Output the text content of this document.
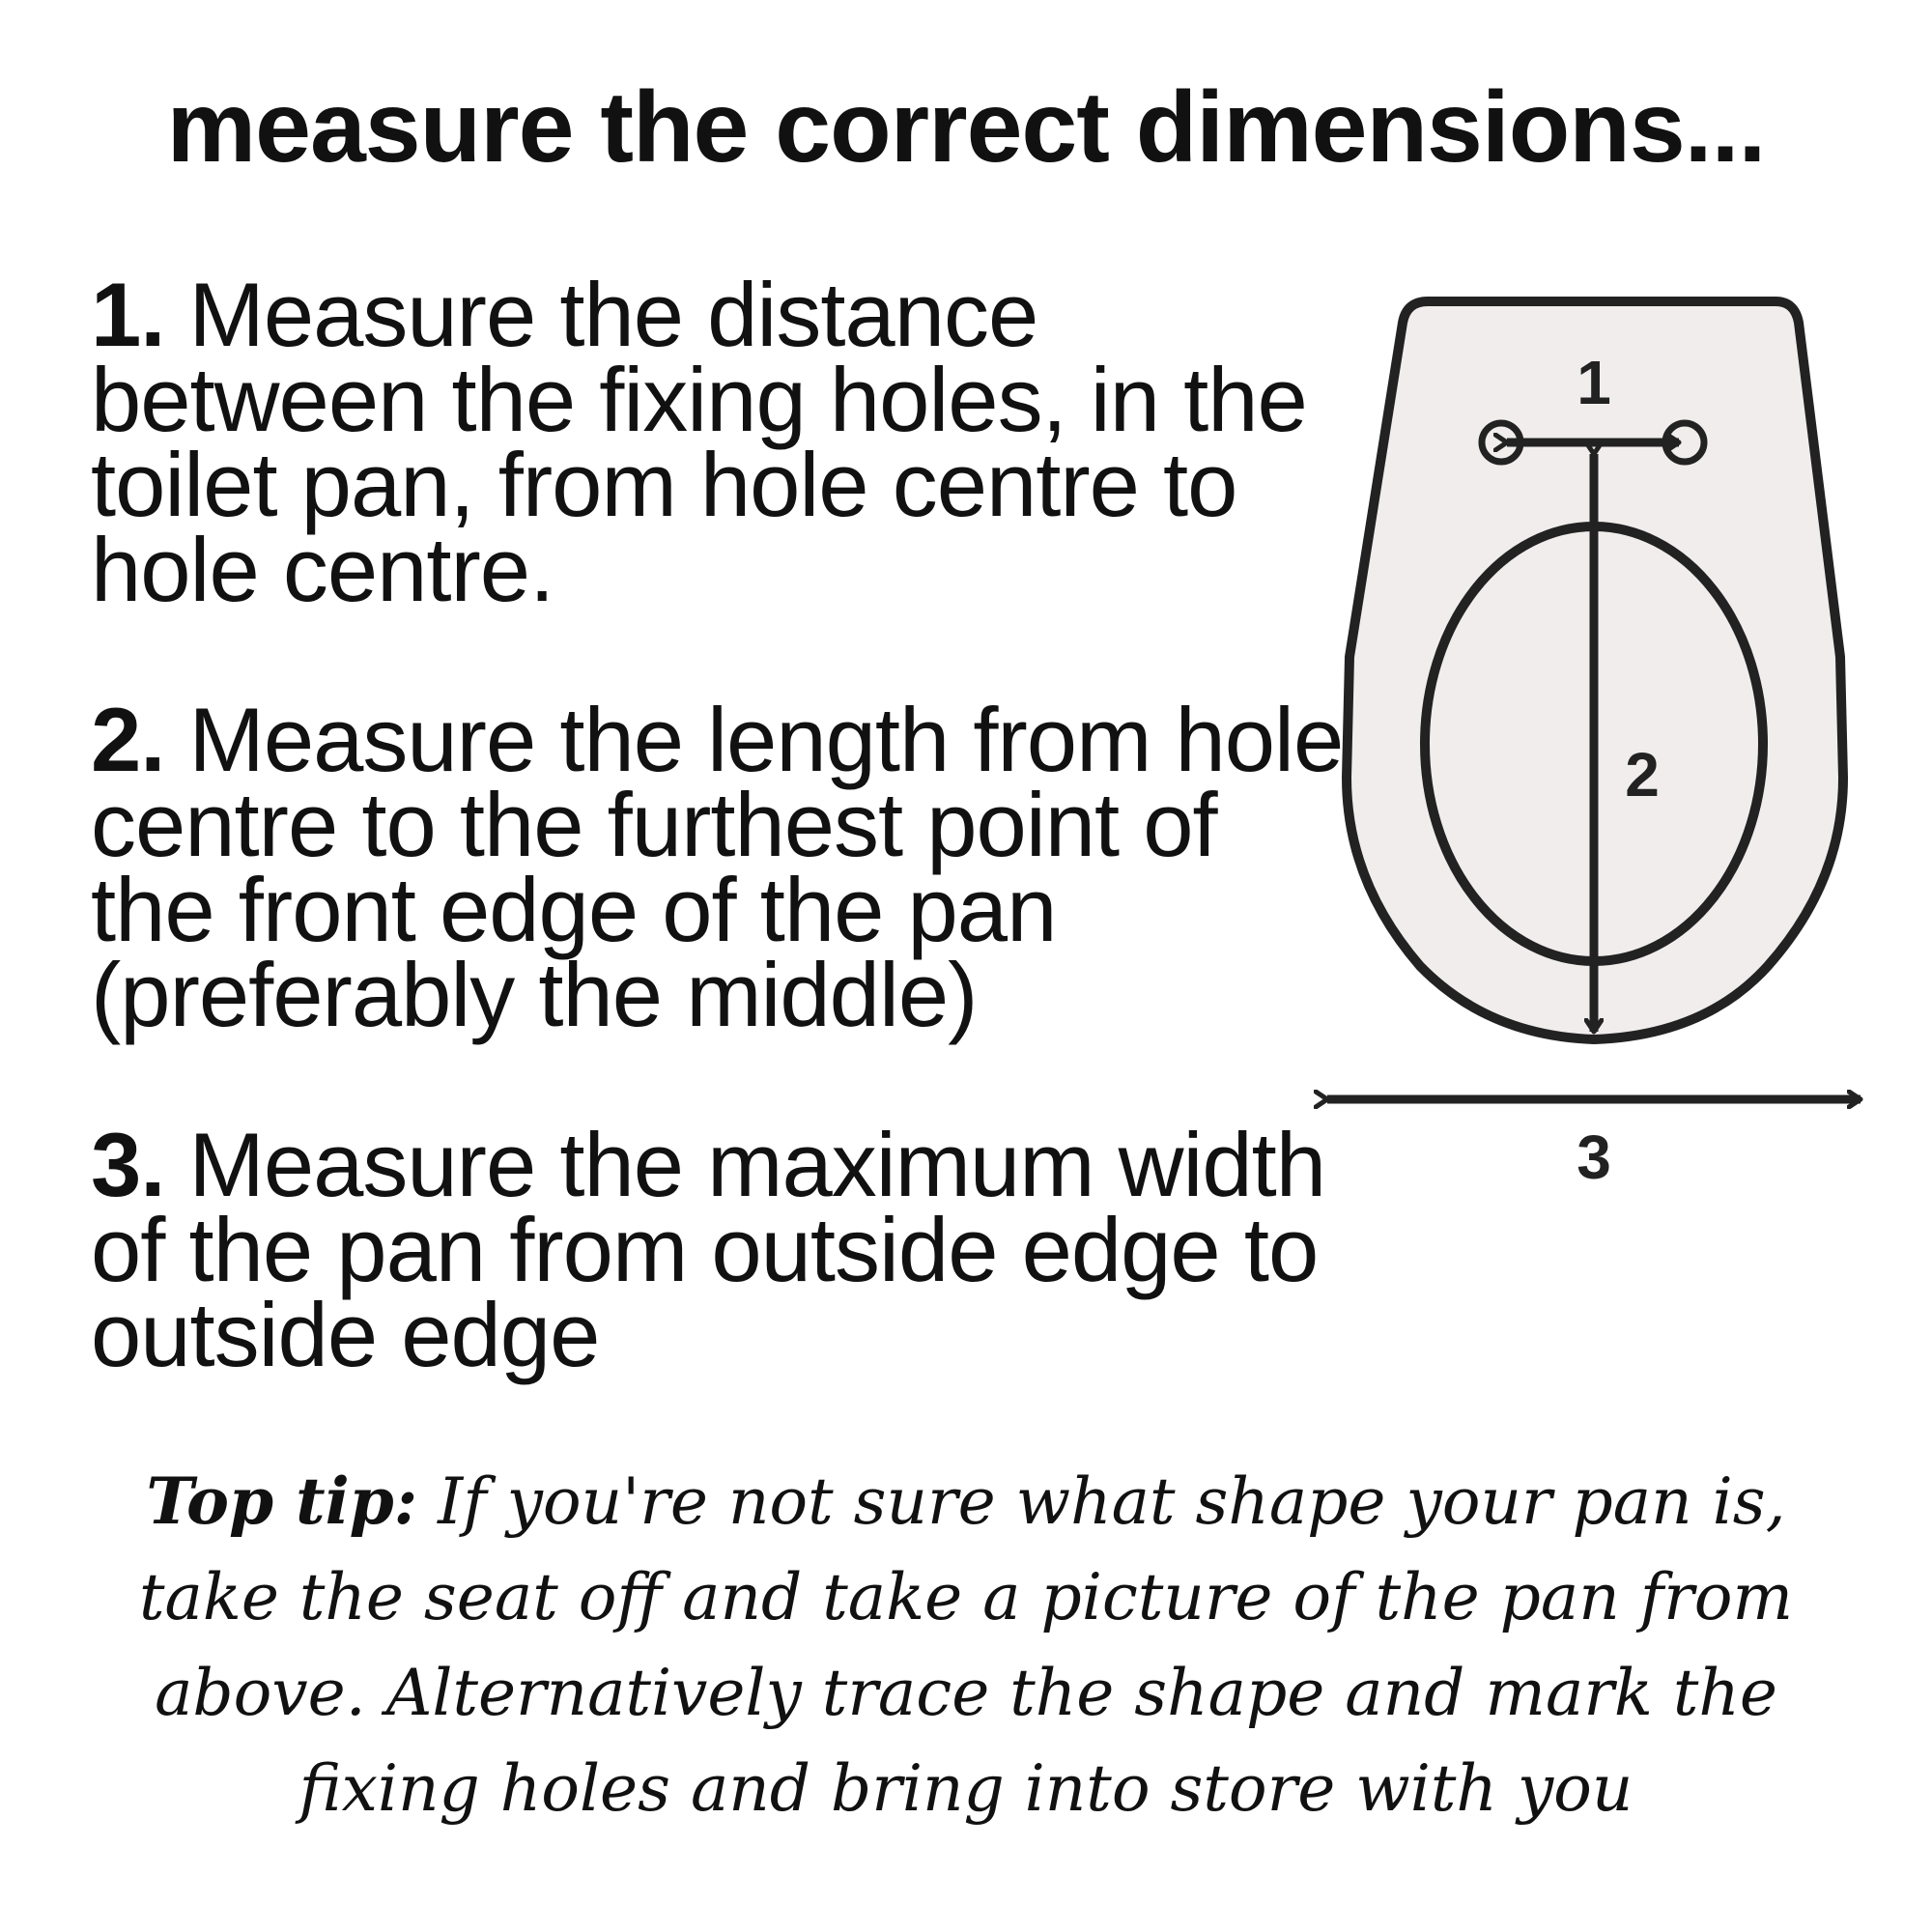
measure the correct dimensions...

1. Measure the distance between the fixing holes, in the toilet pan, from hole centre to hole centre.

2. Measure the length from hole centre to the furthest point of the front edge of the pan (preferably the middle)

3. Measure the maximum width of the pan from outside edge to outside edge

1
2
3
Top tip: If you're not sure what shape your pan is, take the seat off and take a picture of the pan from above. Alternatively trace the shape and mark the fixing holes and bring into store with you
